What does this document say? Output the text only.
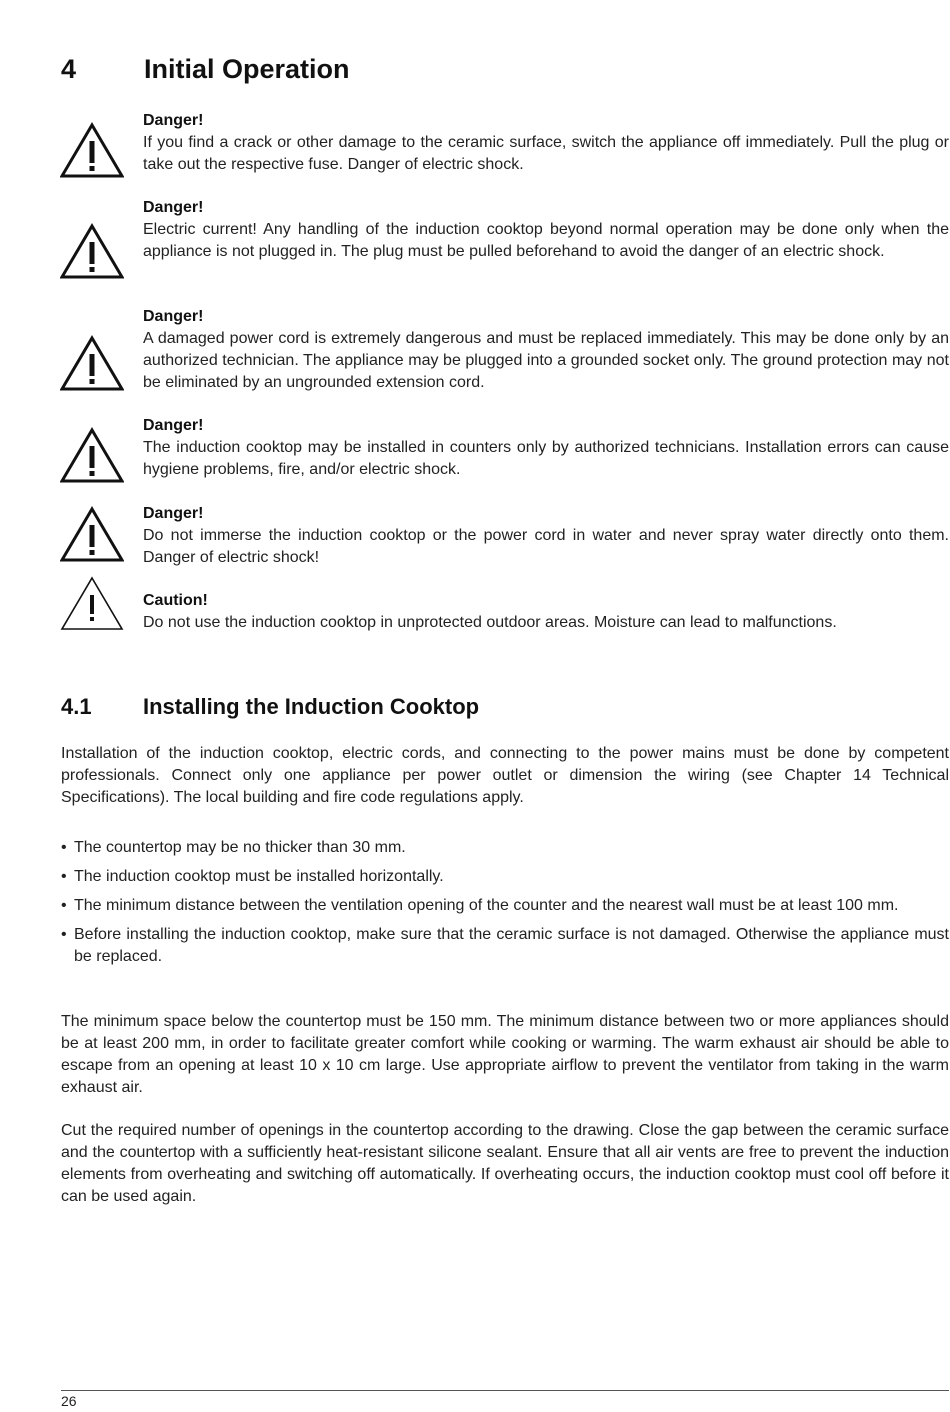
4	Initial Operation
Danger!
If you find a crack or other damage to the ceramic surface, switch the appliance off immediately. Pull the plug or take out the respective fuse. Danger of electric shock.
Danger!
Electric current! Any handling of the induction cooktop beyond normal operation may be done only when the appliance is not plugged in. The plug must be pulled beforehand to avoid the danger of an electric shock.
Danger!
A damaged power cord is extremely dangerous and must be replaced immediately. This may be done only by an authorized technician. The appliance may be plugged into a grounded socket only. The ground protection may not be eliminated by an ungrounded extension cord.
Danger!
The induction cooktop may be installed in counters only by authorized technicians. Installation errors can cause hygiene problems, fire, and/or electric shock.
Danger!
Do not immerse the induction cooktop or the power cord in water and never spray water directly onto them. Danger of electric shock!
Caution!
Do not use the induction cooktop in unprotected outdoor areas. Moisture can lead to malfunctions.
4.1 Installing the Induction Cooktop
Installation of the induction cooktop, electric cords, and connecting to the power mains must be done by competent professionals. Connect only one appliance per power outlet or dimension the wiring (see Chapter 14 Technical Specifications). The local building and fire code regulations apply.
• The countertop may be no thicker than 30 mm.
• The induction cooktop must be installed horizontally.
• The minimum distance between the ventilation opening of the counter and the nearest wall must be at least 100 mm.
• Before installing the induction cooktop, make sure that the ceramic surface is not damaged. Otherwise the appliance must be replaced.
The minimum space below the countertop must be 150 mm. The minimum distance between two or more appliances should be at least 200 mm, in order to facilitate greater comfort while cooking or warming. The warm exhaust air should be able to escape from an opening at least 10 x 10 cm large. Use appropriate airflow to prevent the ventilator from taking in the warm exhaust air.
Cut the required number of openings in the countertop according to the drawing. Close the gap between the ceramic surface and the countertop with a sufficiently heat-resistant silicone sealant. Ensure that all air vents are free to prevent the induction elements from overheating and switching off automatically. If overheating occurs, the induction cooktop must cool off before it can be used again.
26
